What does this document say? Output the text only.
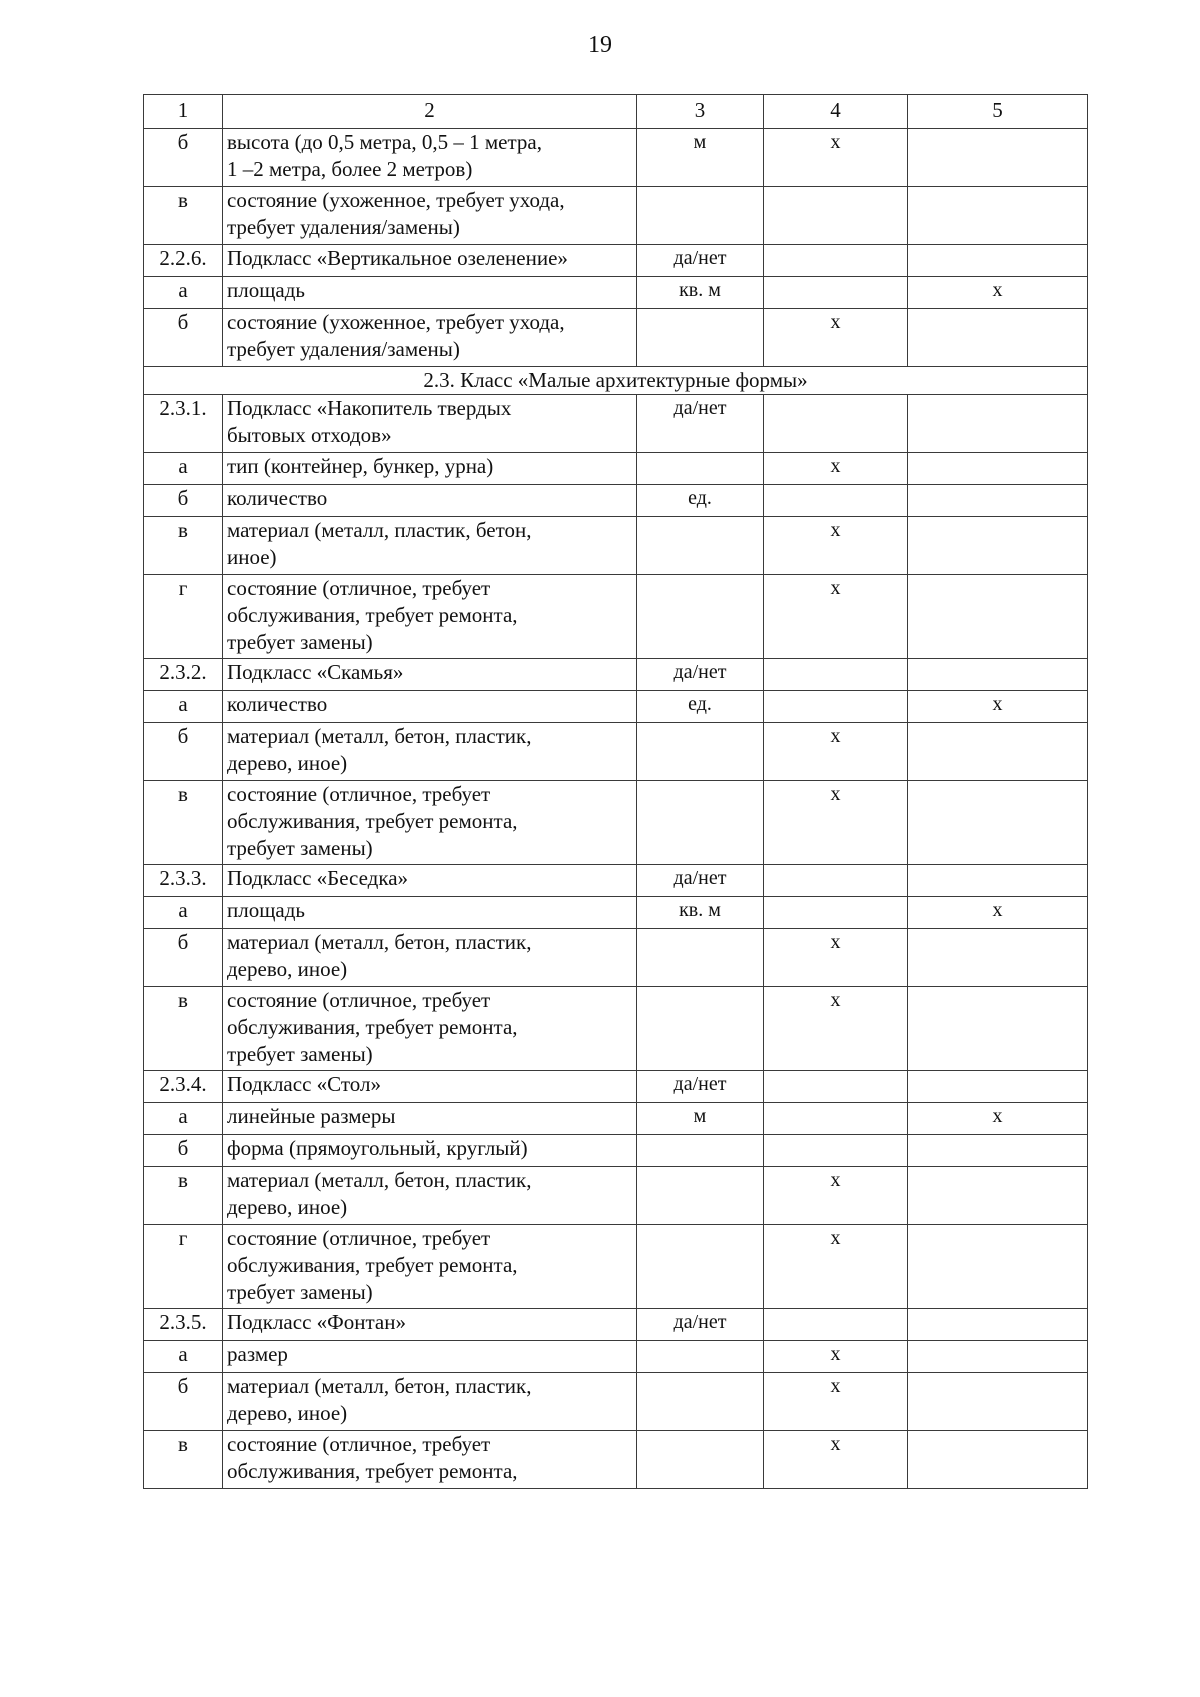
19
1	2	3	4	5
б	высота (до 0,5 метра, 0,5 – 1 метра,
1 –2 метра, более 2 метров)	м	х	
в	состояние (ухоженное, требует ухода,
требует удаления/замены)			

2.2.6.	Подкласс «Вертикальное озеленение»	да/нет		
а	площадь	кв. м		х
б	состояние (ухоженное, требует ухода,
требует удаления/замены)		х	
2.3. Класс «Малые архитектурные формы»				
2.3.1.	Подкласс «Накопитель твердых
бытовых отходов»	да/нет		
а	тип (контейнер, бункер, урна)		х	
б	количество	ед.		
в	материал (металл, пластик, бетон,
иное)		х	
г	состояние (отличное, требует
обслуживания, требует ремонта,
требует замены)		х	
2.3.2.	Подкласс «Скамья»	да/нет		
а	количество	ед.		х
б	материал (металл, бетон, пластик,
дерево, иное)		х	
в	состояние (отличное, требует
обслуживания, требует ремонта,
требует замены)		х	
2.3.3.	Подкласс «Беседка»	да/нет		
а	площадь	кв. м		х
б	материал (металл, бетон, пластик,
дерево, иное)		х	
в	состояние (отличное, требует
обслуживания, требует ремонта,
требует замены)		х	
2.3.4.	Подкласс «Стол»	да/нет		
а	линейные размеры	м		х
б	форма (прямоугольный, круглый)			

в	материал (металл, бетон, пластик,
дерево, иное)		х	
г	состояние (отличное, требует
обслуживания, требует ремонта,
требует замены)		х	
2.3.5.	Подкласс «Фонтан»	да/нет		
а	размер		х	
б	материал (металл, бетон, пластик,
дерево, иное)		х	
в	состояние (отличное, требует
обслуживания, требует ремонта,		х	
